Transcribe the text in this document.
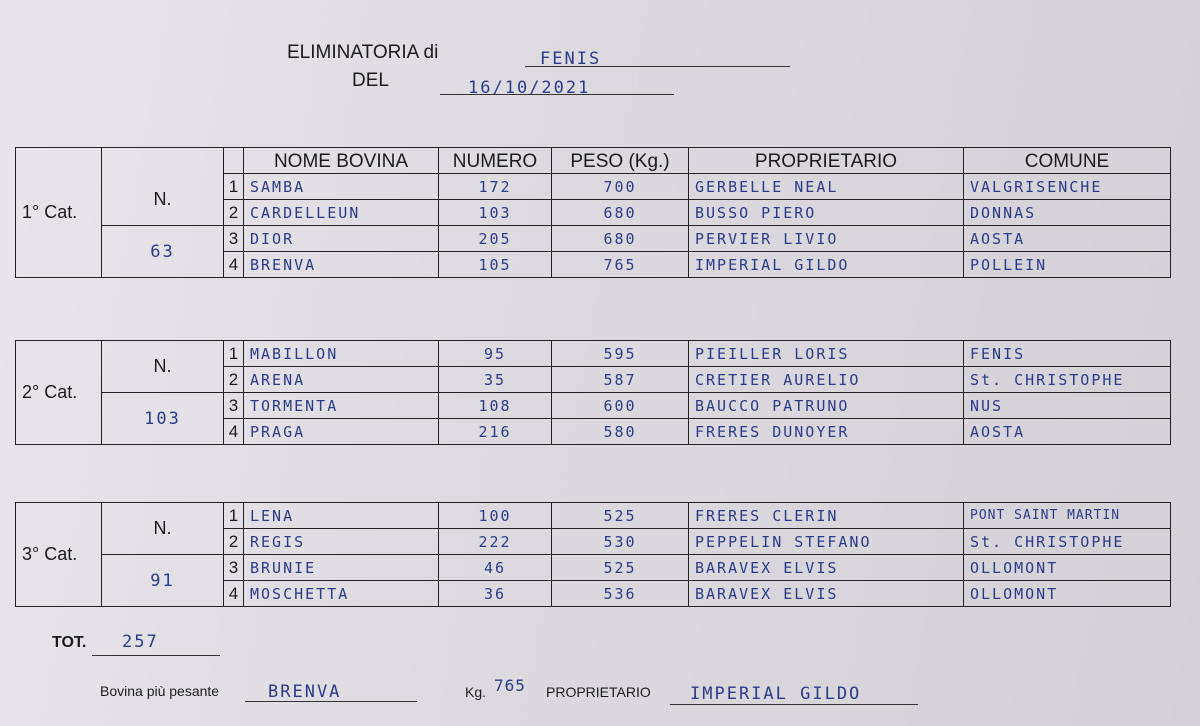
ELIMINATORIA di	FENIS
DEL	16/10/2021
1° Cat.			NOME BOVINA	NUMERO	PESO (Kg.)	PROPRIETARIO	COMUNE
	N.	1	SAMBA	172	700	GERBELLE NEAL	VALGRISENCHE

		2	CARDELLEUN	103	680	BUSSO PIERO	DONNAS

	63	3	DIOR	205	680	PERVIER LIVIO	AOSTA

		4	BRENVA	105	765	IMPERIAL GILDO	POLLEIN
2° Cat.	N.	1	MABILLON	95	595	PIEILLER LORIS	FENIS

		2	ARENA	35	587	CRETIER AURELIO	St. CHRISTOPHE

	103	3	TORMENTA	108	600	BAUCCO PATRUNO	NUS

		4	PRAGA	216	580	FRERES DUNOYER	AOSTA
3° Cat.	N.	1	LENA	100	525	FRERES CLERIN	PONT SAINT MARTIN

		2	REGIS	222	530	PEPPELIN STEFANO	St. CHRISTOPHE

	91	3	BRUNIE	46	525	BARAVEX ELVIS	OLLOMONT

		4	MOSCHETTA	36	536	BARAVEX ELVIS	OLLOMONT
TOT. 257
Bovina più pesante	BRENVA	Kg. 765 PROPRIETARIO IMPERIAL GILDO
